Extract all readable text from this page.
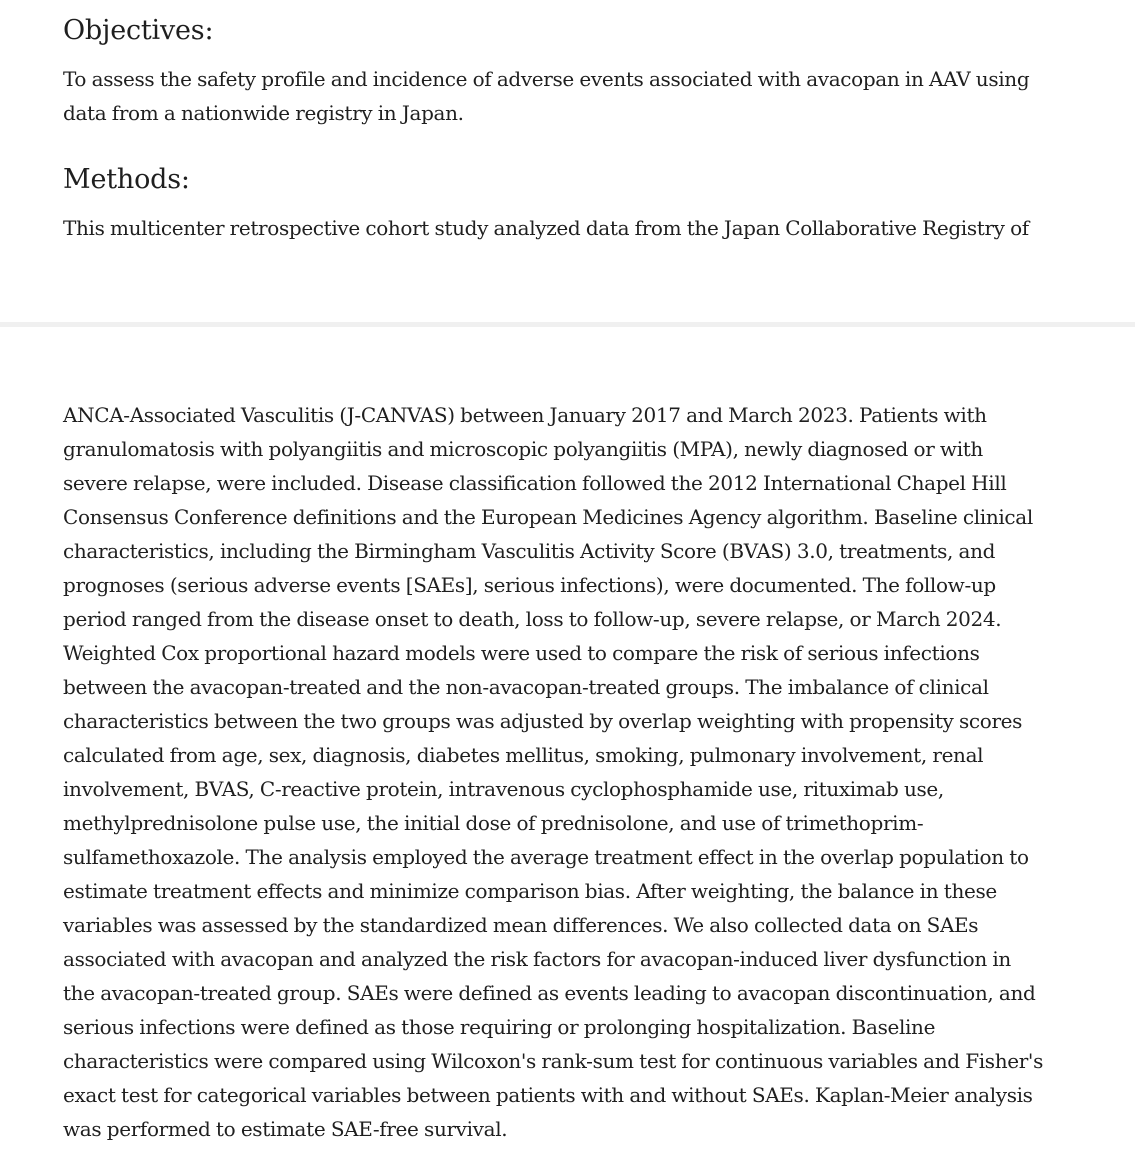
Objectives:

To assess the safety profile and incidence of adverse events associated with avacopan in AAV using
data from a nationwide registry in Japan.

Methods:

This multicenter retrospective cohort study analyzed data from the Japan Collaborative Registry of

ANCA-Associated Vasculitis (J-CANVAS) between January 2017 and March 2023. Patients with
granulomatosis with polyangiitis and microscopic polyangiitis (MPA), newly diagnosed or with
severe relapse, were included. Disease classification followed the 2012 International Chapel Hill
Consensus Conference definitions and the European Medicines Agency algorithm. Baseline clinical
characteristics, including the Birmingham Vasculitis Activity Score (BVAS) 3.0, treatments, and
prognoses (serious adverse events [SAEs], serious infections), were documented. The follow-up
period ranged from the disease onset to death, loss to follow-up, severe relapse, or March 2024.
Weighted Cox proportional hazard models were used to compare the risk of serious infections
between the avacopan-treated and the non-avacopan-treated groups. The imbalance of clinical
characteristics between the two groups was adjusted by overlap weighting with propensity scores
calculated from age, sex, diagnosis, diabetes mellitus, smoking, pulmonary involvement, renal
involvement, BVAS, C-reactive protein, intravenous cyclophosphamide use, rituximab use,
methylprednisolone pulse use, the initial dose of prednisolone, and use of trimethoprim-
sulfamethoxazole. The analysis employed the average treatment effect in the overlap population to
estimate treatment effects and minimize comparison bias. After weighting, the balance in these
variables was assessed by the standardized mean differences. We also collected data on SAEs
associated with avacopan and analyzed the risk factors for avacopan-induced liver dysfunction in
the avacopan-treated group. SAEs were defined as events leading to avacopan discontinuation, and
serious infections were defined as those requiring or prolonging hospitalization. Baseline
characteristics were compared using Wilcoxon's rank-sum test for continuous variables and Fisher's
exact test for categorical variables between patients with and without SAEs. Kaplan-Meier analysis
was performed to estimate SAE-free survival.
